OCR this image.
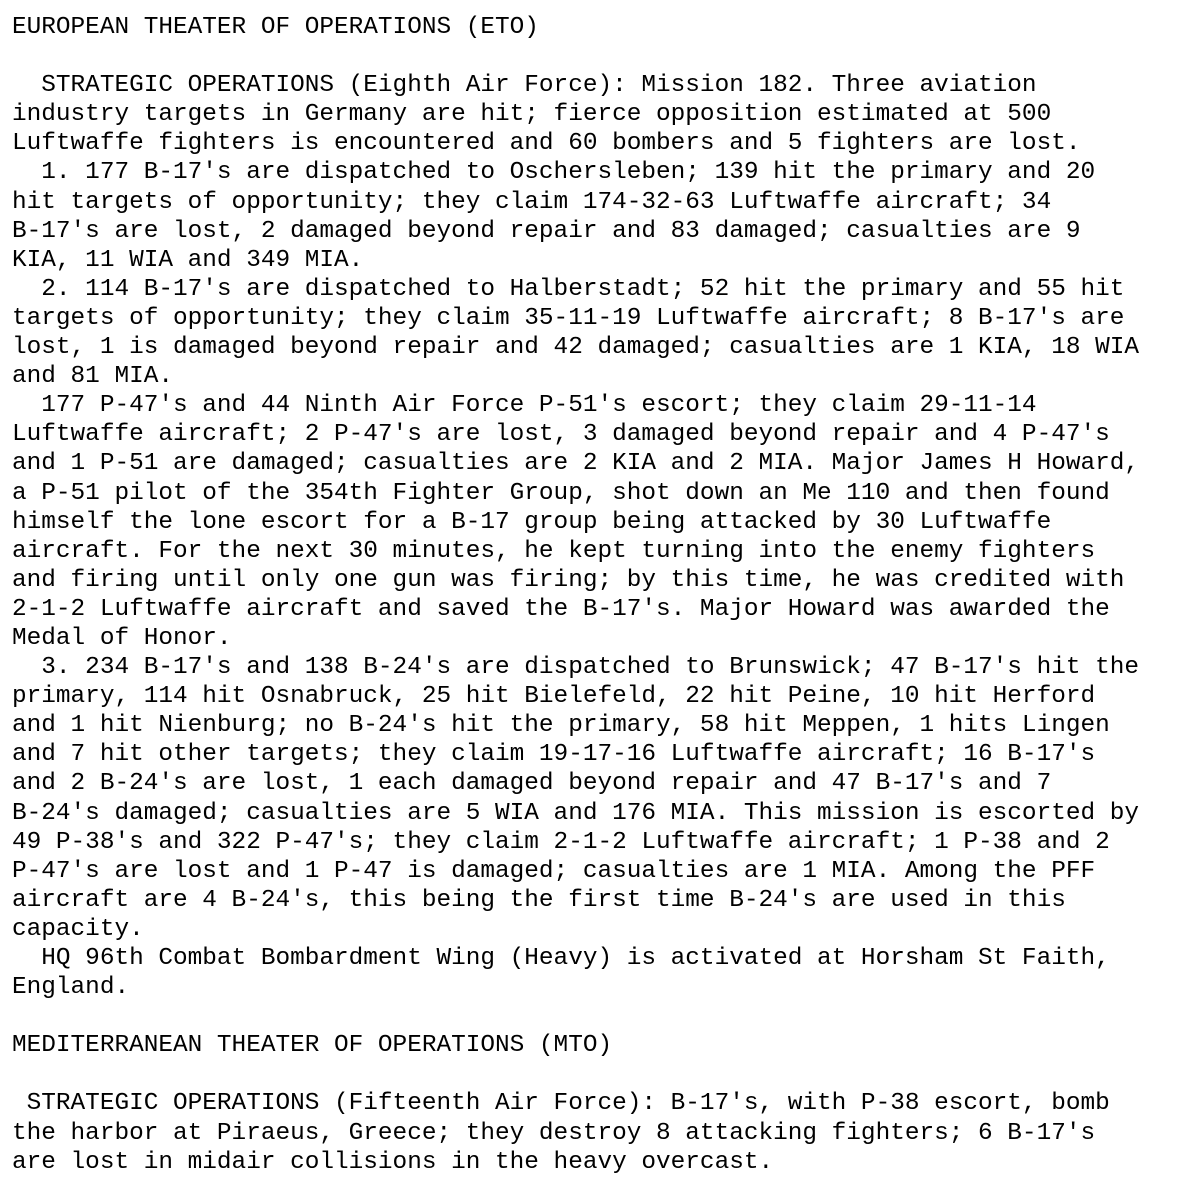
EUROPEAN THEATER OF OPERATIONS (ETO)
STRATEGIC OPERATIONS (Eighth Air Force): Mission 182. Three aviation
industry targets in Germany are hit; fierce opposition estimated at 500
Luftwaffe fighters is encountered and 60 bombers and 5 fighters are lost.
1. 177 B-17's are dispatched to Oschersleben; 139 hit the primary and 20
hit targets of opportunity; they claim 174-32-63 Luftwaffe aircraft; 34
B-17's are lost, 2 damaged beyond repair and 83 damaged; casualties are 9
KIA, 11 WIA and 349 MIA.
2. 114 B-17's are dispatched to Halberstadt; 52 hit the primary and 55 hit
targets of opportunity; they claim 35-11-19 Luftwaffe aircraft; 8 B-17's are
lost, 1 is damaged beyond repair and 42 damaged; casualties are 1 KIA, 18 WIA
and 81 MIA.
177 P-47's and 44 Ninth Air Force P-51's escort; they claim 29-11-14
Luftwaffe aircraft; 2 P-47's are lost, 3 damaged beyond repair and 4 P-47's
and 1 P-51 are damaged; casualties are 2 KIA and 2 MIA. Major James H Howard,
a P-51 pilot of the 354th Fighter Group, shot down an Me 110 and then found
himself the lone escort for a B-17 group being attacked by 30 Luftwaffe
aircraft. For the next 30 minutes, he kept turning into the enemy fighters
and firing until only one gun was firing; by this time, he was credited with
2-1-2 Luftwaffe aircraft and saved the B-17's. Major Howard was awarded the
Medal of Honor.
3. 234 B-17's and 138 B-24's are dispatched to Brunswick; 47 B-17's hit the
primary, 114 hit Osnabruck, 25 hit Bielefeld, 22 hit Peine, 10 hit Herford
and 1 hit Nienburg; no B-24's hit the primary, 58 hit Meppen, 1 hits Lingen
and 7 hit other targets; they claim 19-17-16 Luftwaffe aircraft; 16 B-17's
and 2 B-24's are lost, 1 each damaged beyond repair and 47 B-17's and 7
B-24's damaged; casualties are 5 WIA and 176 MIA. This mission is escorted by
49 P-38's and 322 P-47's; they claim 2-1-2 Luftwaffe aircraft; 1 P-38 and 2
P-47's are lost and 1 P-47 is damaged; casualties are 1 MIA. Among the PFF
aircraft are 4 B-24's, this being the first time B-24's are used in this
capacity.
HQ 96th Combat Bombardment Wing (Heavy) is activated at Horsham St Faith,
England.
MEDITERRANEAN THEATER OF OPERATIONS (MTO)
STRATEGIC OPERATIONS (Fifteenth Air Force): B-17's, with P-38 escort, bomb
the harbor at Piraeus, Greece; they destroy 8 attacking fighters; 6 B-17's
are lost in midair collisions in the heavy overcast.
